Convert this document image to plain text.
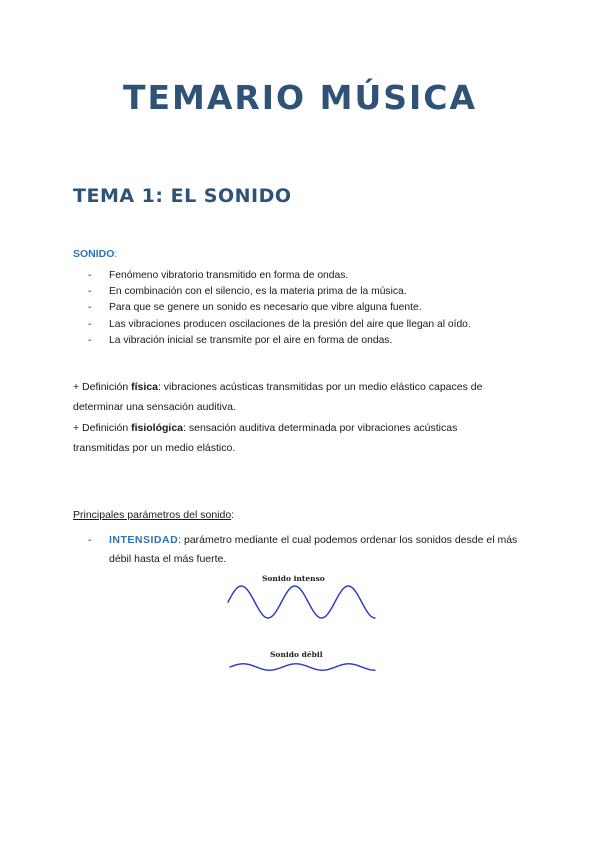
TEMARIO MÚSICA
TEMA 1: EL SONIDO
SONIDO:
- Fenómeno vibratorio transmitido en forma de ondas.
- En combinación con el silencio, es la materia prima de la música.
- Para que se genere un sonido es necesario que vibre alguna fuente.
- Las vibraciones producen oscilaciones de la presión del aire que llegan al oído.
- La vibración inicial se transmite por el aire en forma de ondas.

+ Definición física: vibraciones acústicas transmitidas por un medio elástico capaces de determinar una sensación auditiva.

+ Definición fisiológica: sensación auditiva determinada por vibraciones acústicas transmitidas por un medio elástico.

Principales parámetros del sonido:
- INTENSIDAD: parámetro mediante el cual podemos ordenar los sonidos desde el más débil hasta el más fuerte.
Sonido intenso
Sonido débil
